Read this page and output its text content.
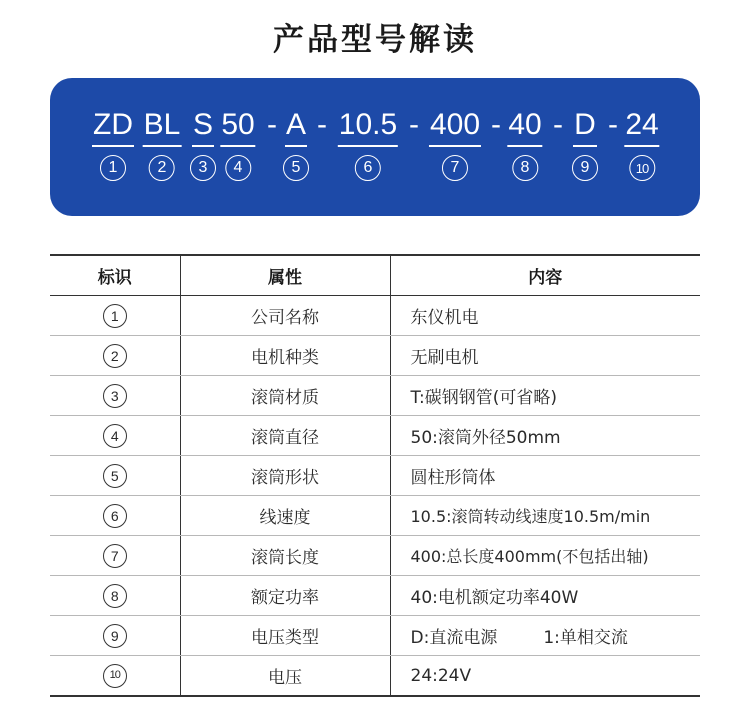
产品型号解读
ZD
1
BL
2
S
3
50
4
- A
5
- 10.5
6
- 400
7
- 40
8
- D
9
- 24
10
标识	属性	内容
1	公司名称	东仪机电
2	电机种类	无刷电机
3	滚筒材质	T:碳钢钢管(可省略)
4	滚筒直径	50:滚筒外径50mm
5	滚筒形状	圆柱形筒体
6	线速度	10.5:滚筒转动线速度10.5m/min
7	滚筒长度	400:总长度400mm(不包括出轴)
8	额定功率	40:电机额定功率40W
9	电压类型	D:直流电源 1:单相交流
10	电压	24:24V
